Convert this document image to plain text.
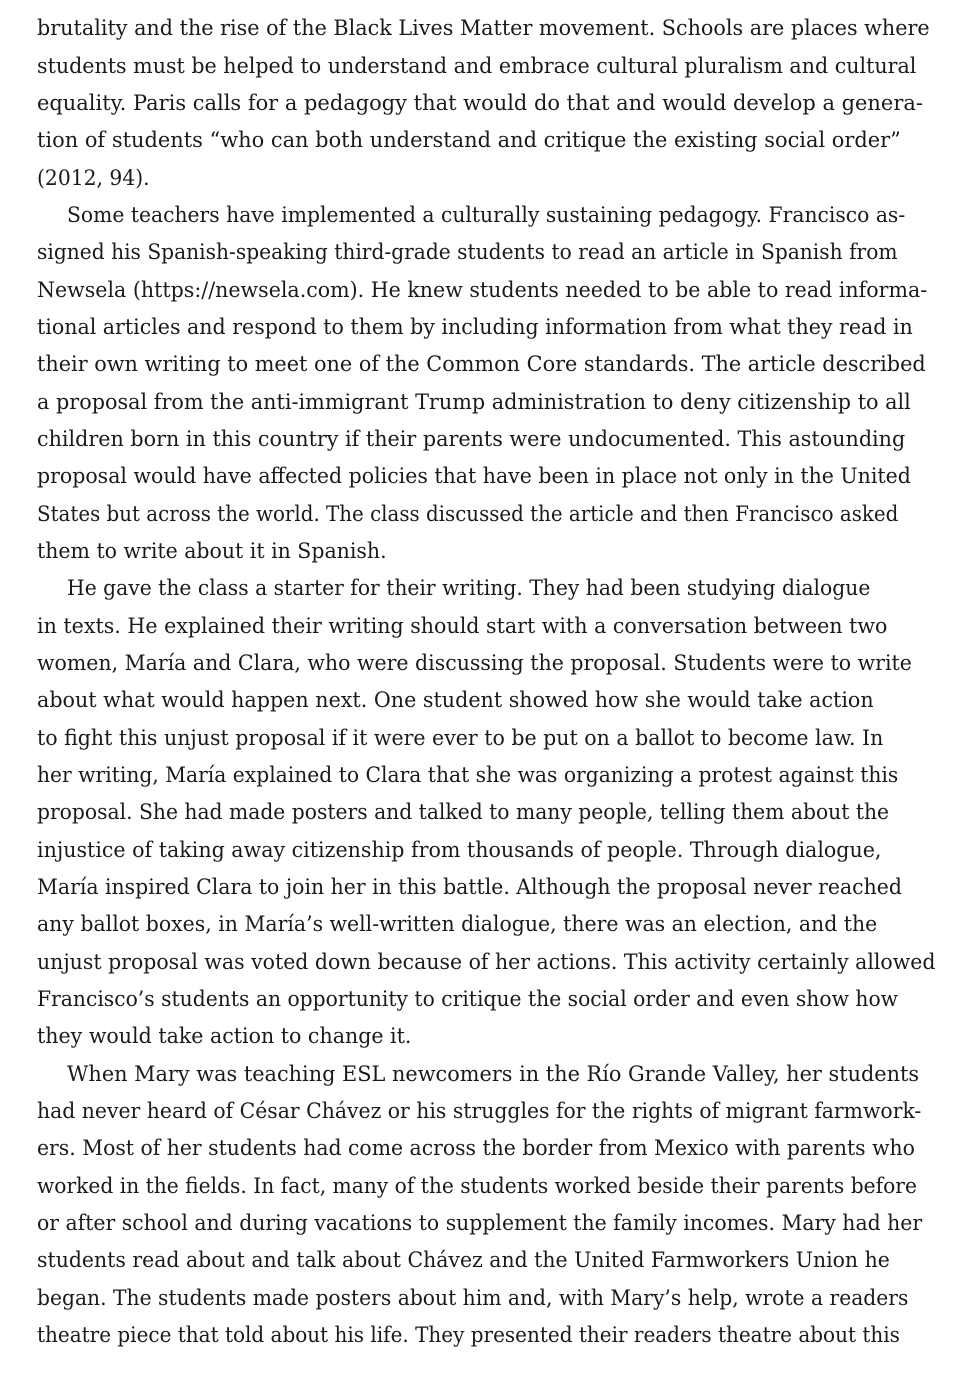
brutality and the rise of the Black Lives Matter movement. Schools are places where
students must be helped to understand and embrace cultural pluralism and cultural
equality. Paris calls for a pedagogy that would do that and would develop a genera-
tion of students “who can both understand and critique the existing social order”
(2012, 94).
Some teachers have implemented a culturally sustaining pedagogy. Francisco as-
signed his Spanish-speaking third-grade students to read an article in Spanish from
Newsela (https://newsela.com). He knew students needed to be able to read informa-
tional articles and respond to them by including information from what they read in
their own writing to meet one of the Common Core standards. The article described
a proposal from the anti-immigrant Trump administration to deny citizenship to all
children born in this country if their parents were undocumented. This astounding
proposal would have affected policies that have been in place not only in the United
States but across the world. The class discussed the article and then Francisco asked
them to write about it in Spanish.
He gave the class a starter for their writing. They had been studying dialogue
in texts. He explained their writing should start with a conversation between two
women, María and Clara, who were discussing the proposal. Students were to write
about what would happen next. One student showed how she would take action
to fight this unjust proposal if it were ever to be put on a ballot to become law. In
her writing, María explained to Clara that she was organizing a protest against this
proposal. She had made posters and talked to many people, telling them about the
injustice of taking away citizenship from thousands of people. Through dialogue,
María inspired Clara to join her in this battle. Although the proposal never reached
any ballot boxes, in María’s well-written dialogue, there was an election, and the
unjust proposal was voted down because of her actions. This activity certainly allowed
Francisco’s students an opportunity to critique the social order and even show how
they would take action to change it.
When Mary was teaching ESL newcomers in the Río Grande Valley, her students
had never heard of César Chávez or his struggles for the rights of migrant farmwork-
ers. Most of her students had come across the border from Mexico with parents who
worked in the fields. In fact, many of the students worked beside their parents before
or after school and during vacations to supplement the family incomes. Mary had her
students read about and talk about Chávez and the United Farmworkers Union he
began. The students made posters about him and, with Mary’s help, wrote a readers
theatre piece that told about his life. They presented their readers theatre about this
